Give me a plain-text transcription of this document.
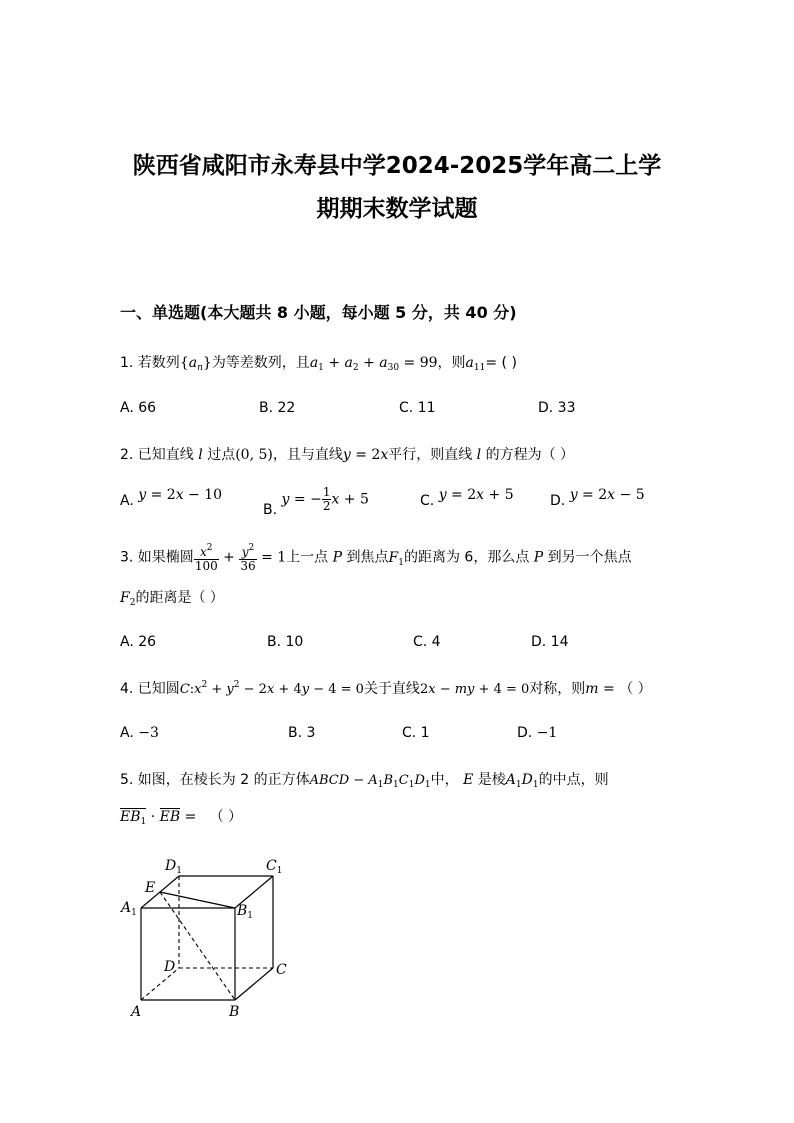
陕西省咸阳市永寿县中学2024-2025学年高二上学
期期末数学试题
一、单选题(本大题共 8 小题，每小题 5 分，共 40 分)
1. 若数列$\{a_n\}$为等差数列，且$a_1 + a_2 + a_{30} = 99$，则$a_{11}=$ ( )
A. 66	B. 22	C. 11	D. 33
2. 已知直线 l 过点(0, 5)，且与直线y = 2x平行，则直线 l 的方程为（ ）
A. y = 2x − 10
B. y = − $\frac{1}{2}$ x + 5	C. y = 2x + 5	D. y = 2x − 5
3. 如果椭圆 $\frac{x^2}{100} + \frac{y^2}{36} = 1$上一点 P 到焦点$F_1$的距离为 6，那么点 P 到另一个焦点
$F_2$的距离是（ ）
A. 26	B. 10	C. 4	D. 14
4. 已知圆$C:x^2 + y^2 - 2x + 4y - 4 = 0$关于直线2x − my + 4 = 0对称，则m = （ ）
A. −3	B. 3	C. 1	D. −1
5. 如图，在棱长为 2 的正方体ABCD − $A_1B_1C_1D_1$中， E 是棱$A_1D_1$的中点，则
$EB_1$ · EB =   （ ）
$D_1$	$C_1$
E
$A_1$	$B_1$
D	C
A	B
